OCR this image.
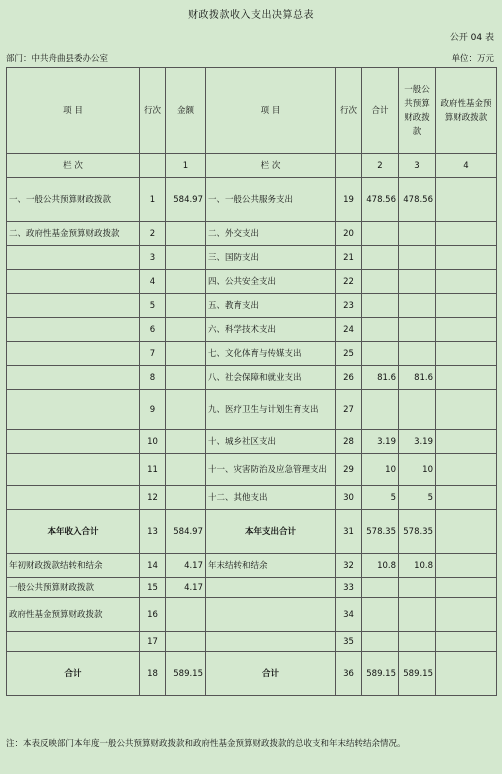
财政拨款收入支出决算总表
公开 04 表
部门：中共舟曲县委办公室	单位：万元
项 目	行次	金额	项 目	行次	合计	一般公共预算财政拨款	政府性基金预算财政拨款
栏 次		1	栏 次		2	3	4
一、一般公共预算财政拨款	1	584.97	一、一般公共服务支出	19	478.56	478.56	
二、政府性基金预算财政拨款	2		二、外交支出	20			
	3		三、国防支出	21			
	4		四、公共安全支出	22			
	5		五、教育支出	23			
	6		六、科学技术支出	24			
	7		七、文化体育与传媒支出	25			
	8		八、社会保障和就业支出	26	81.6	81.6	
	9		九、医疗卫生与计划生育支出	27			
	10		十、城乡社区支出	28	3.19	3.19	
	11		十一、灾害防治及应急管理支出	29	10	10	
	12		十二、其他支出	30	5	5	
本年收入合计	13	584.97	本年支出合计	31	578.35	578.35	
年初财政拨款结转和结余	14	4.17	年末结转和结余	32	10.8	10.8	
一般公共预算财政拨款	15	4.17		33			
政府性基金预算财政拨款	16			34			
	17			35			
合计	18	589.15	合计	36	589.15	589.15	
注：本表反映部门本年度一般公共预算财政拨款和政府性基金预算财政拨款的总收支和年末结转结余情况。
